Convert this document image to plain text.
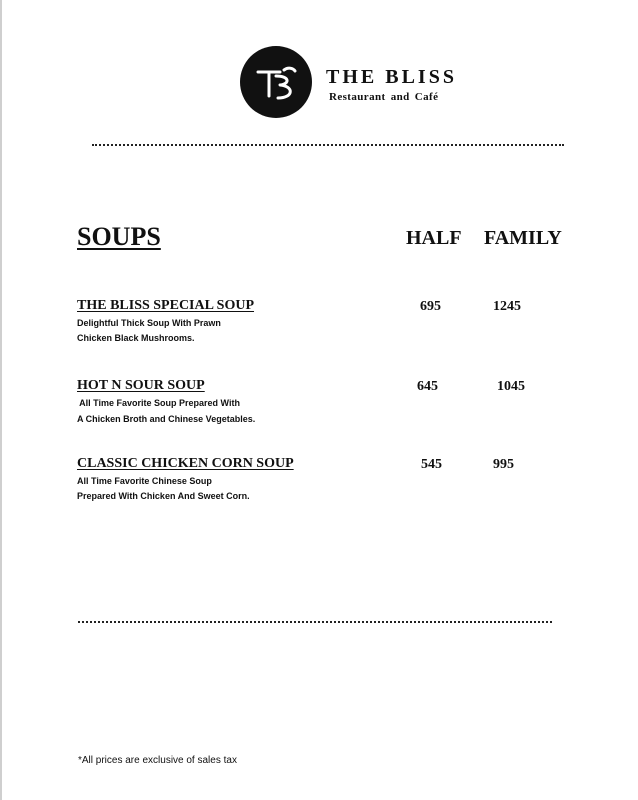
THE BLISS
Restaurant and Café
SOUPS	HALF FAMILY
THE BLISS SPECIAL SOUP
Delightful Thick Soup With Prawn
Chicken Black Mushrooms.
695	1245
HOT N SOUR SOUP
All Time Favorite Soup Prepared With
A Chicken Broth and Chinese Vegetables.
645	1045
CLASSIC CHICKEN CORN SOUP
All Time Favorite Chinese Soup
Prepared With Chicken And Sweet Corn.
545	995
*All prices are exclusive of sales tax
